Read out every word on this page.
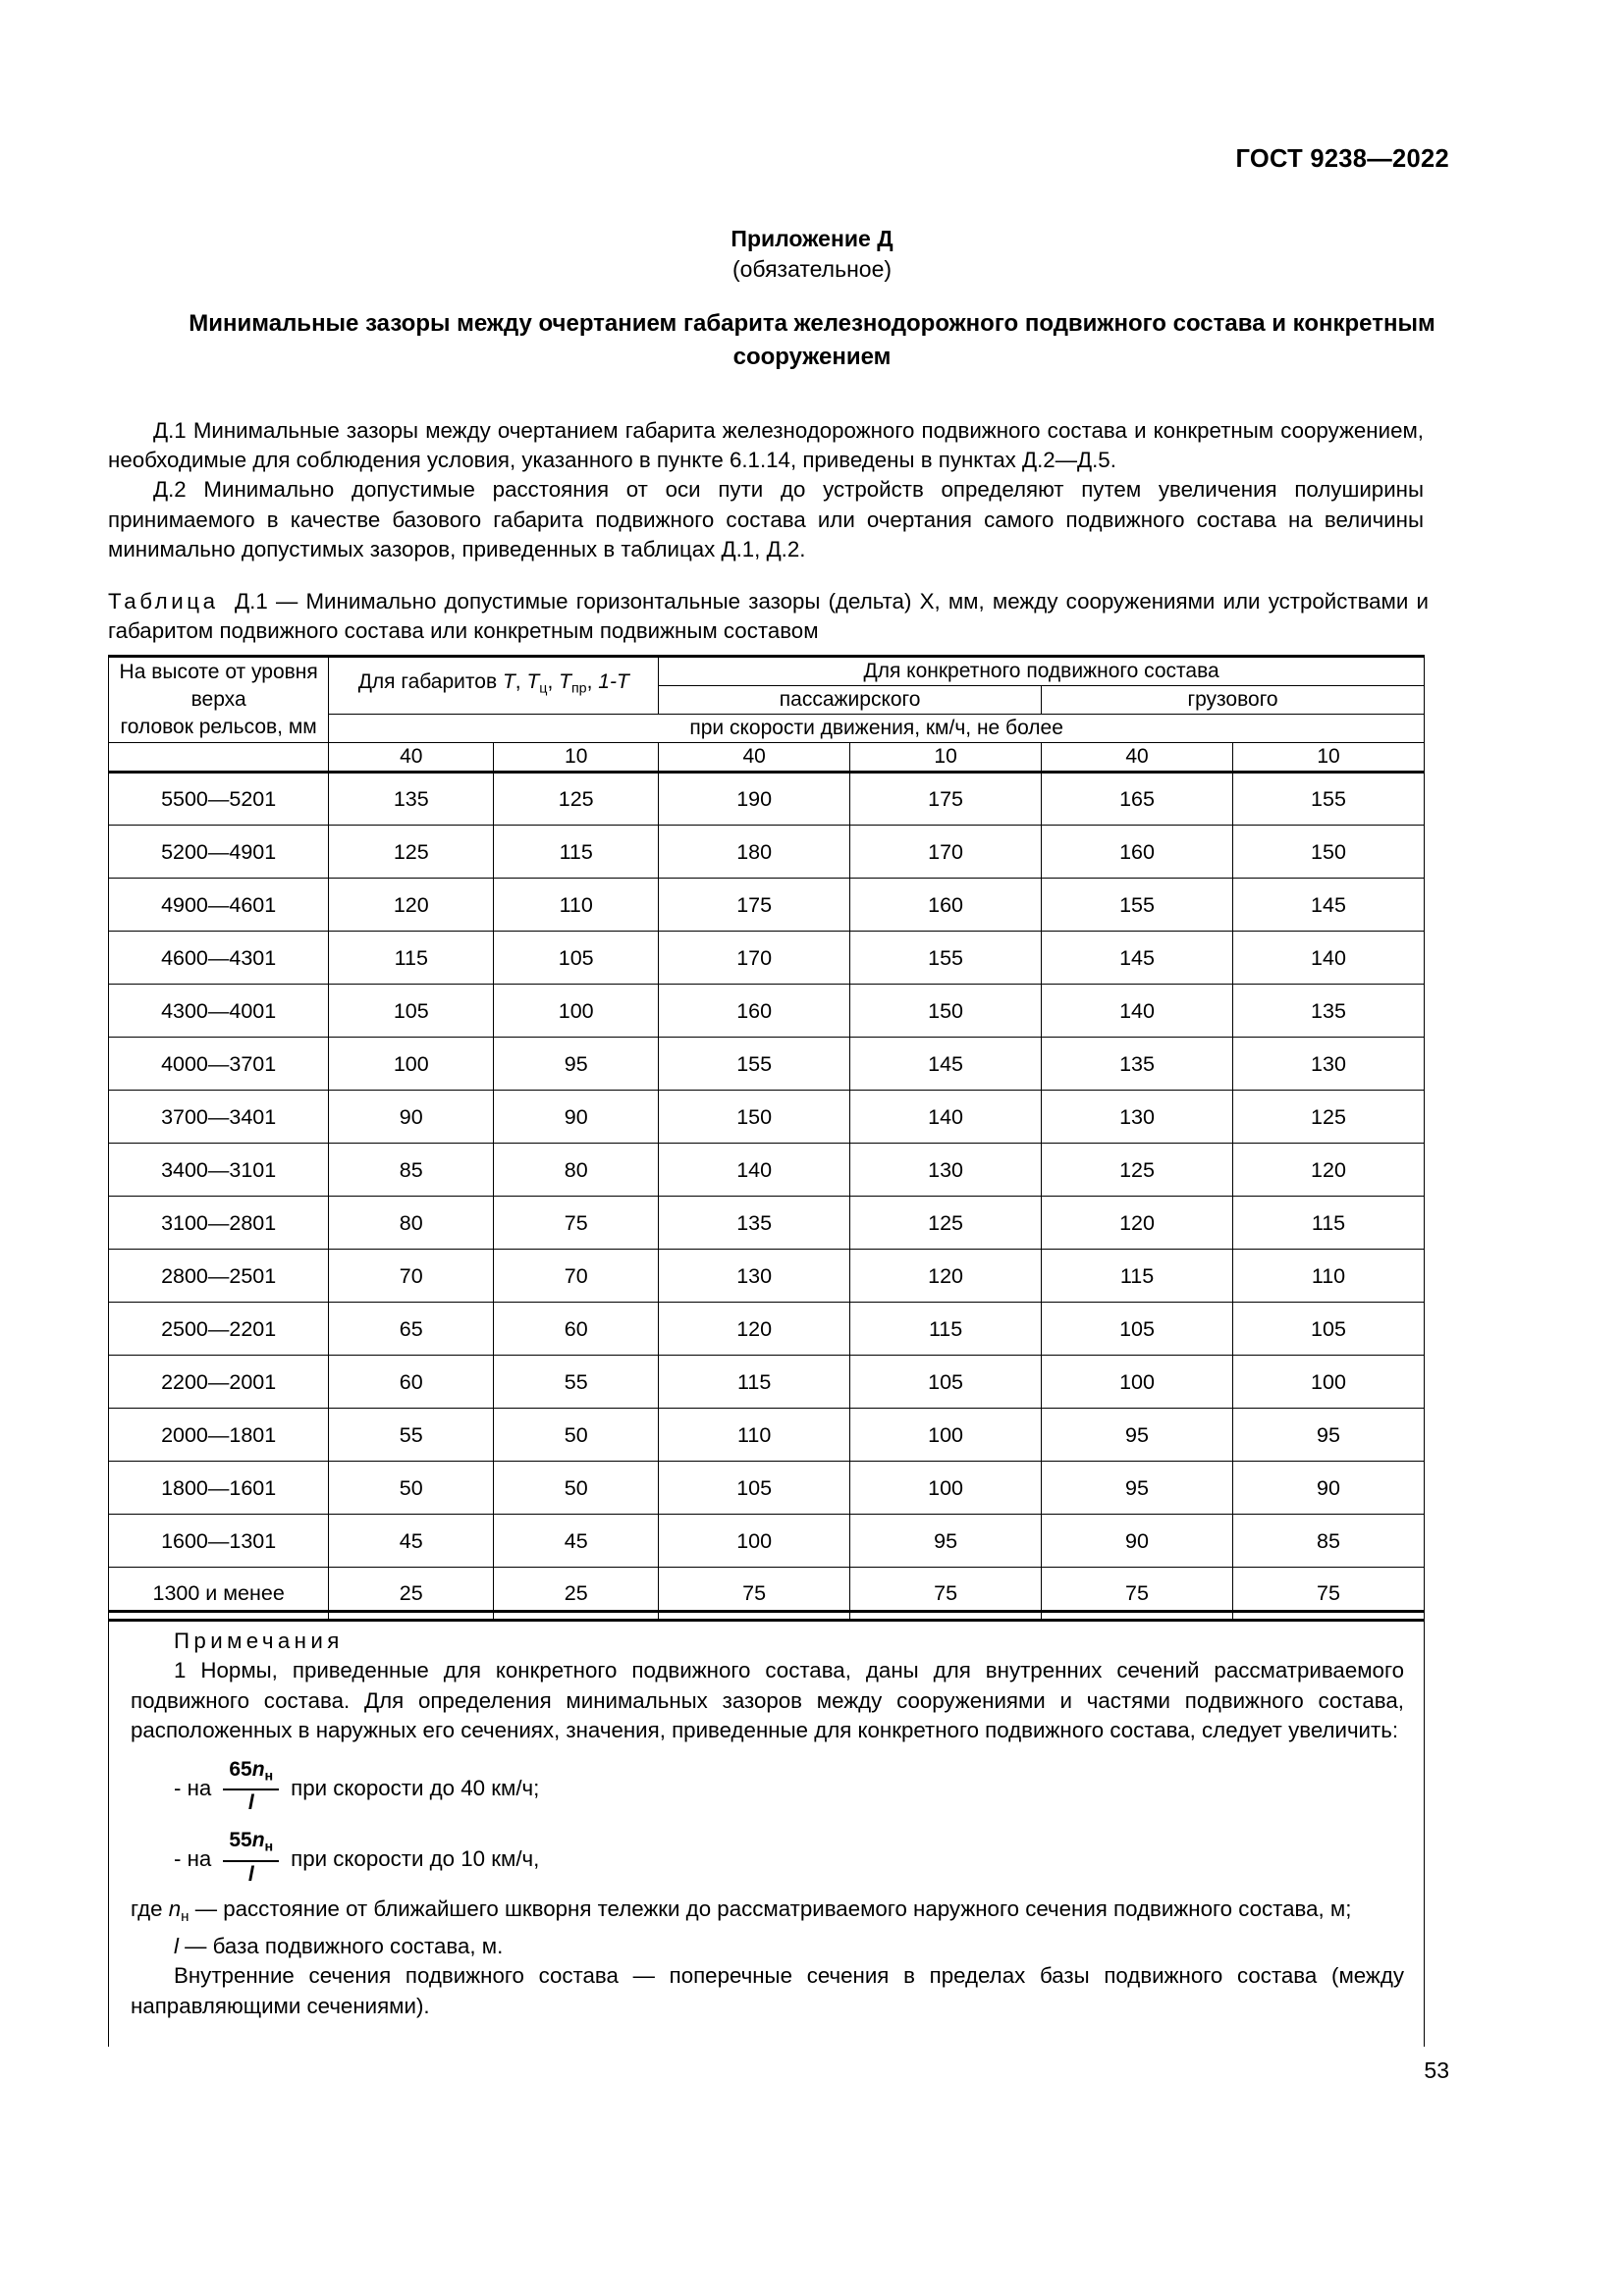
ГОСТ 9238—2022
Приложение Д
(обязательное)
Минимальные зазоры между очертанием габарита железнодорожного подвижного состава и конкретным сооружением

Д.1 Минимальные зазоры между очертанием габарита железнодорожного подвижного состава и конкретным сооружением, необходимые для соблюдения условия, указанного в пункте 6.1.14, приведены в пунктах Д.2—Д.5.

Д.2 Минимально допустимые расстояния от оси пути до устройств определяют путем увеличения полуширины принимаемого в качестве базового габарита подвижного состава или очертания самого подвижного состава на величины минимально допустимых зазоров, приведенных в таблицах Д.1, Д.2.

Таблица Д.1 — Минимально допустимые горизонтальные зазоры (дельта) X, мм, между сооружениями или устройствами и габаритом подвижного состава или конкретным подвижным составом
На высоте от уровня верха
головок рельсов, мм	Для габаритов T, $T_ц$, $T_{пр}$, 1-T		Для конкретного подвижного состава			
			пассажирского		грузового	
	при скорости движения, км/ч, не более					
	40	10	40	10	40	10
5500—5201	135	125	190	175	165	155
5200—4901	125	115	180	170	160	150
4900—4601	120	110	175	160	155	145
4600—4301	115	105	170	155	145	140
4300—4001	105	100	160	150	140	135
4000—3701	100	95	155	145	135	130
3700—3401	90	90	150	140	130	125
3400—3101	85	80	140	130	125	120
3100—2801	80	75	135	125	120	115
2800—2501	70	70	130	120	115	110
2500—2201	65	60	120	115	105	105
2200—2001	60	55	115	105	100	100
2000—1801	55	50	110	100	95	95
1800—1601	50	50	105	100	95	90
1600—1301	45	45	100	95	90	85
1300 и менее	25	25	75	75	75	75

Примечания

1 Нормы, приведенные для конкретного подвижного состава, даны для внутренних сечений рассматриваемого подвижного состава. Для определения минимальных зазоров между сооружениями и частями подвижного состава, расположенных в наружных его сечениях, значения, приведенные для конкретного подвижного состава, следует увеличить:

- на $\frac{65n_н}{l}$ при скорости до 40 км/ч;
- на $\frac{55n_н}{l}$ при скорости до 10 км/ч,

где $n_н$ — расстояние от ближайшего шкворня тележки до рассматриваемого наружного сечения подвижного состава, м;

l — база подвижного состава, м.

Внутренние сечения подвижного состава — поперечные сечения в пределах базы подвижного состава (между направляющими сечениями).

53
